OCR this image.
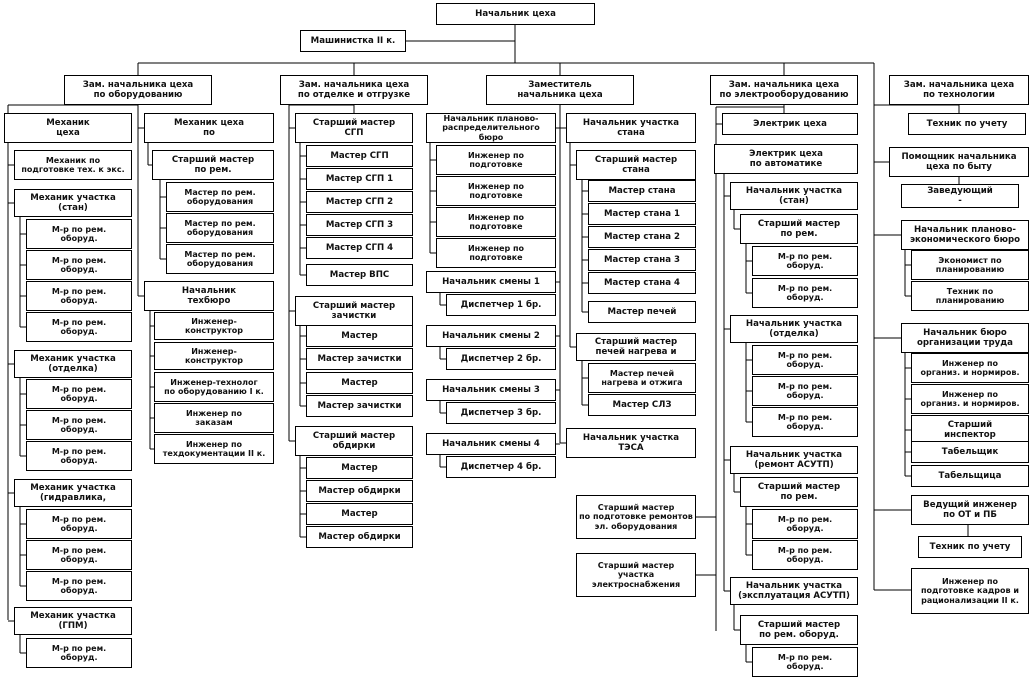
Начальник цеха
Машинистка II к.
Зам. начальника цеха
по оборудованию
Зам. начальника цеха
по отделке и отгрузке
Заместитель
начальника цеха
Зам. начальника цеха
по электрооборудованию
Зам. начальника цеха
по технологии
Механик
цеха
Механик по
подготовке тех. к экс.
Механик участка
(стан)
М-р по рем.
оборуд.
М-р по рем.
оборуд.
М-р по рем.
оборуд.
М-р по рем.
оборуд.
Механик участка
(отделка)
М-р по рем.
оборуд.
М-р по рем.
оборуд.
М-р по рем.
оборуд.
Механик участка
(гидравлика,
М-р по рем.
оборуд.
М-р по рем.
оборуд.
М-р по рем.
оборуд.
Механик участка
(ГПМ)
М-р по рем.
оборуд.
Механик цеха
по
Старший мастер
по рем.
Мастер по рем.
оборудования
Мастер по рем.
оборудования
Мастер по рем.
оборудования
Начальник
техбюро
Инженер-
конструктор
Инженер-
конструктор
Инженер-технолог
по оборудованию I к.
Инженер по
заказам
Инженер по
техдокументации II к.
Старший мастер
СГП
Мастер СГП
Мастер СГП 1
Мастер СГП 2
Мастер СГП 3
Мастер СГП 4
Мастер ВПС
Старший мастер
зачистки
Мастер
Мастер зачистки
Мастер
Мастер зачистки
Старший мастер
обдирки
Мастер
Мастер обдирки
Мастер
Мастер обдирки
Начальник планово-
распределительного бюро
Инженер по
подготовке
Инженер по
подготовке
Инженер по
подготовке
Инженер по
подготовке
Начальник смены 1
Диспетчер 1 бр.
Начальник смены 2
Диспетчер 2 бр.
Начальник смены 3
Диспетчер 3 бр.
Начальник смены 4
Диспетчер 4 бр.
Начальник участка
стана
Старший мастер
стана
Мастер стана
Мастер стана 1
Мастер стана 2
Мастер стана 3
Мастер стана 4
Мастер печей
Старший мастер
печей нагрева и
Мастер печей
нагрева и отжига
Мастер СЛЗ
Начальник участка
ТЭСА
Старший мастер
по подготовке ремонтов
эл. оборудования
Старший мастер
участка
электроснабжения
Электрик цеха
Электрик цеха
по автоматике
Начальник участка
(стан)
Старший мастер
по рем.
М-р по рем.
оборуд.
М-р по рем.
оборуд.
Начальник участка
(отделка)
М-р по рем.
оборуд.
М-р по рем.
оборуд.
М-р по рем.
оборуд.
Начальник участка
(ремонт АСУТП)
Старший мастер
по рем.
М-р по рем.
оборуд.
М-р по рем.
оборуд.
Начальник участка
(эксплуатация АСУТП)
Старший мастер
по рем. оборуд.
М-р по рем.
оборуд.
Техник по учету
Помощник начальника
цеха по быту
Заведующий
-
Начальник планово-
экономического бюро
Экономист по
планированию
Техник по
планированию
Начальник бюро
организации труда
Инженер по
организ. и нормиров.
Инженер по
организ. и нормиров.
Старший
инспектор
Табельщик
Табельщица
Ведущий инженер
по ОТ и ПБ
Техник по учету
Инженер по
подготовке кадров и
рационализации II к.
